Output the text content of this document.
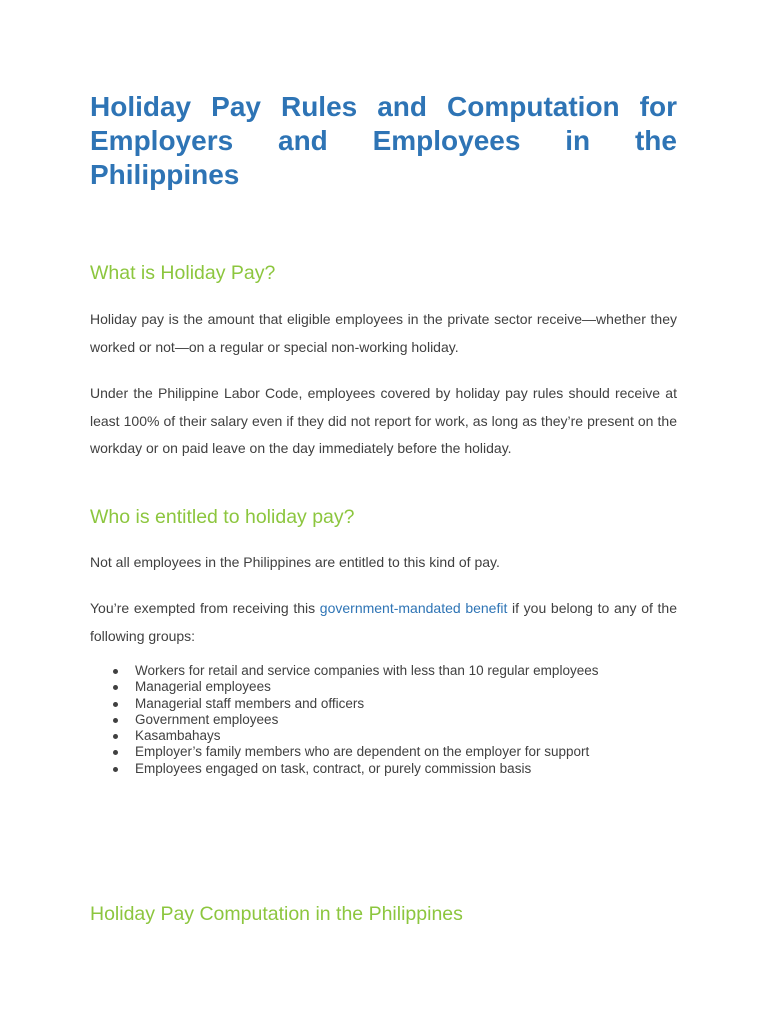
Holiday Pay Rules and Computation for Employers and Employees in the Philippines
What is Holiday Pay?

Holiday pay is the amount that eligible employees in the private sector receive—whether they worked or not—on a regular or special non-working holiday.

Under the Philippine Labor Code, employees covered by holiday pay rules should receive at least 100% of their salary even if they did not report for work, as long as they’re present on the workday or on paid leave on the day immediately before the holiday.

Who is entitled to holiday pay?

Not all employees in the Philippines are entitled to this kind of pay.

You’re exempted from receiving this government-mandated benefit if you belong to any of the following groups:

Workers for retail and service companies with less than 10 regular employees
Managerial employees
Managerial staff members and officers
Government employees
Kasambahays
Employer’s family members who are dependent on the employer for support
Employees engaged on task, contract, or purely commission basis
Holiday Pay Computation in the Philippines
